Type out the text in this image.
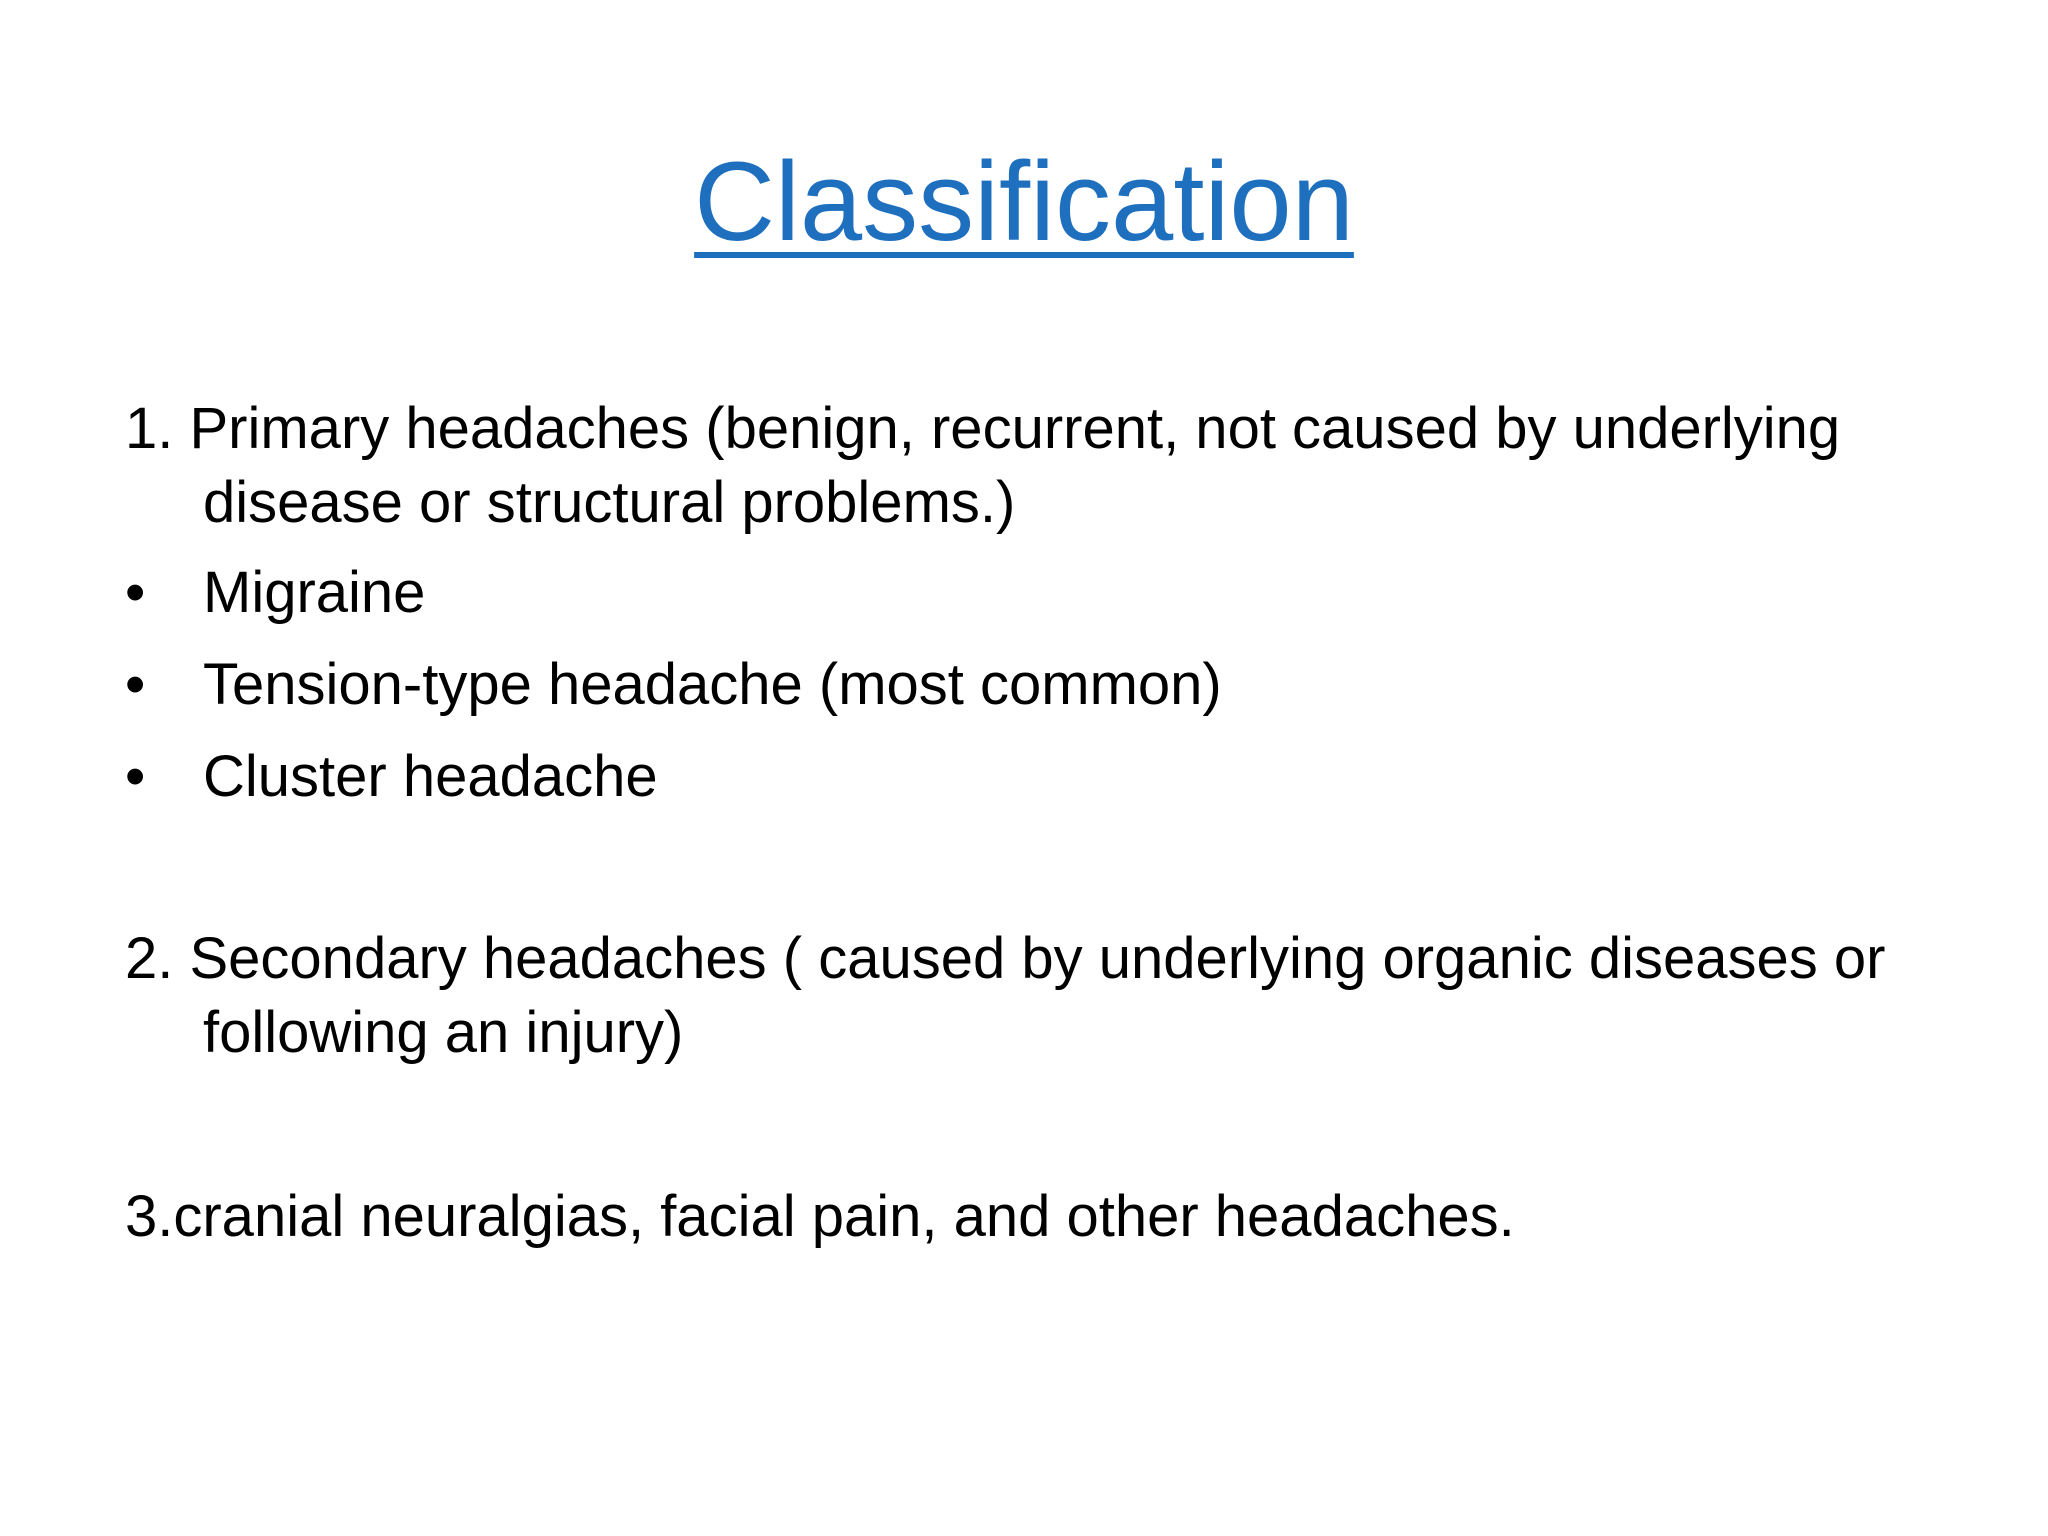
Classification

1. Primary headaches (benign, recurrent, not caused by underlying disease or structural problems.)

• Migraine
• Tension-type headache (most common)
• Cluster headache

2. Secondary headaches ( caused by underlying organic diseases or following an injury)

3.cranial neuralgias, facial pain, and other headaches.
